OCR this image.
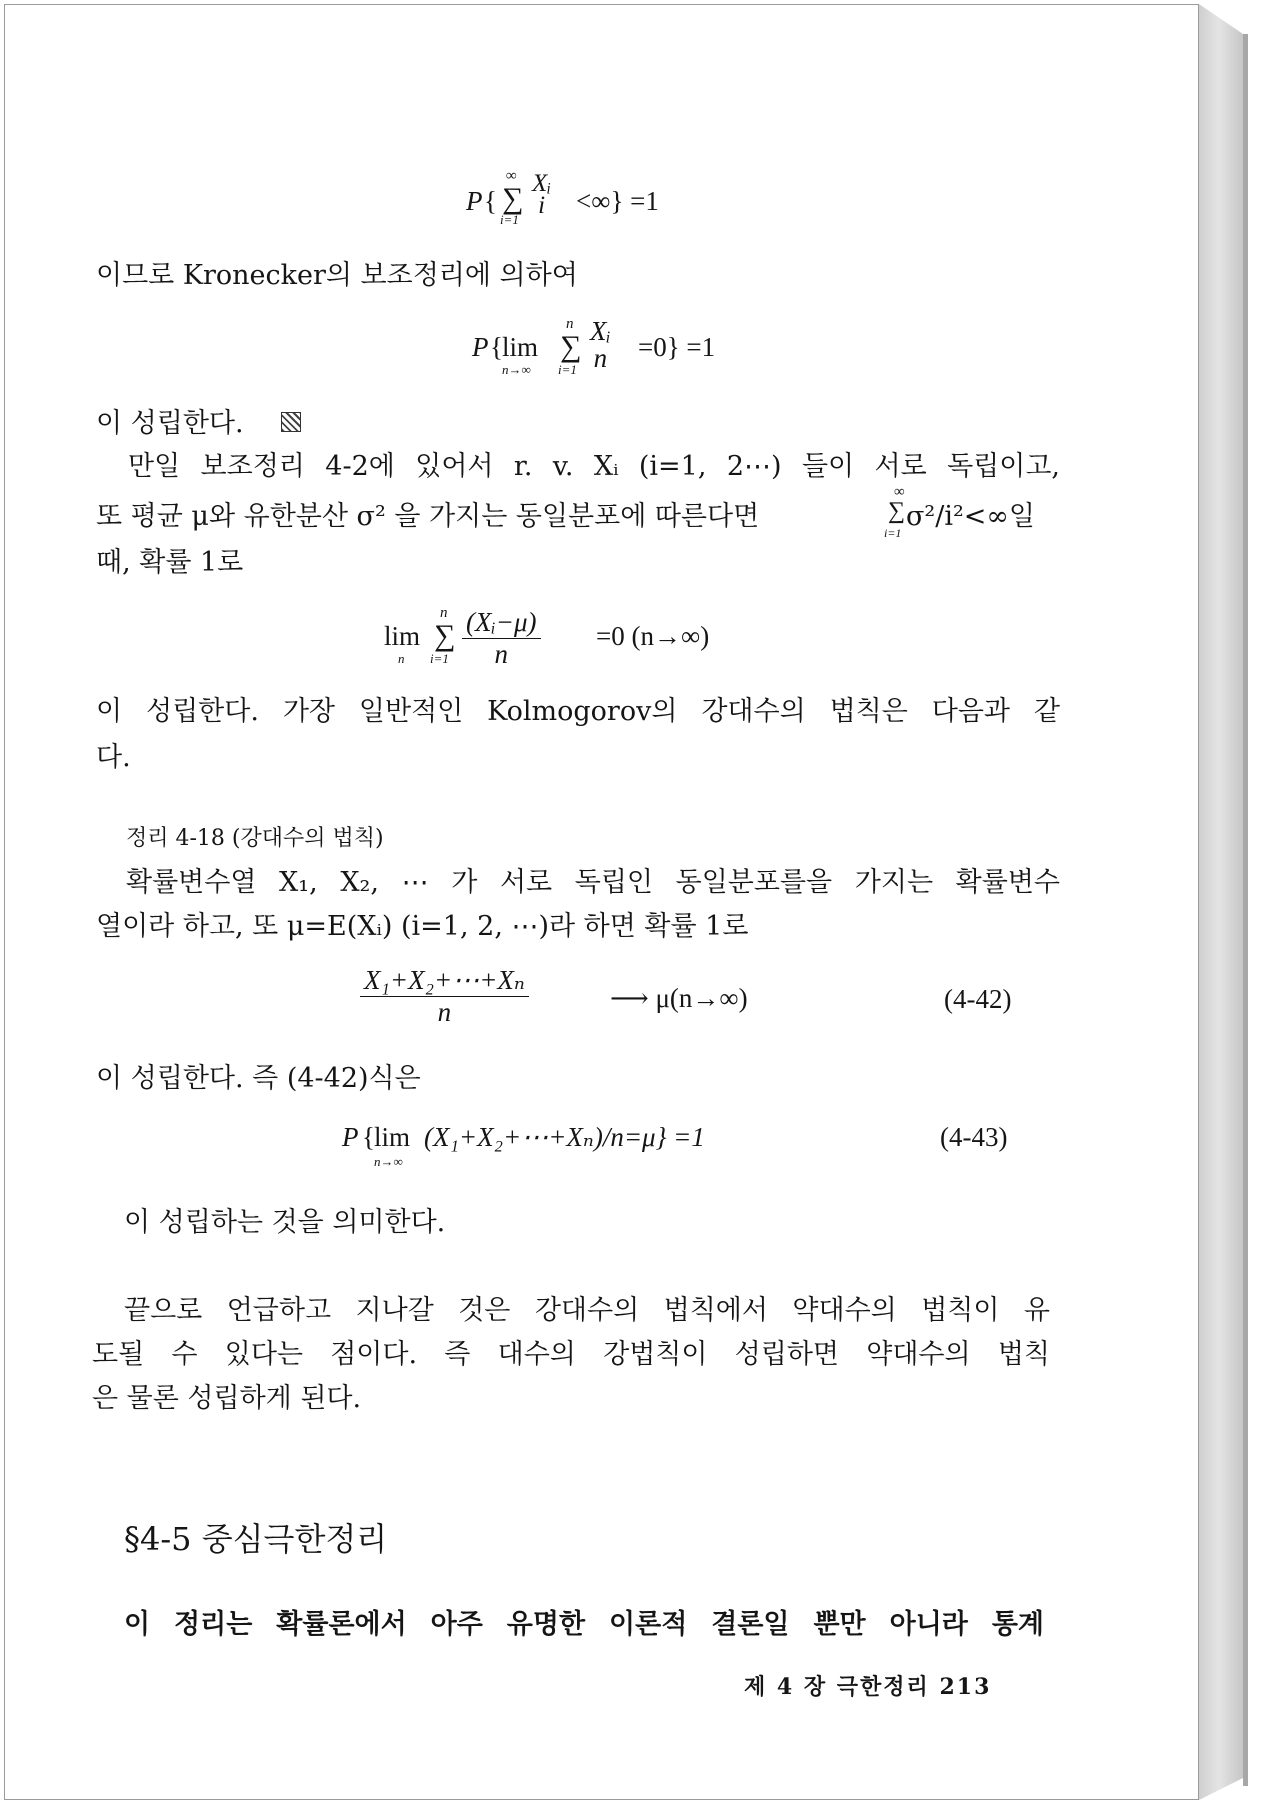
P {
∞
∑
i=1
Xᵢ
i	<∞} =1
이므로 Kronecker의 보조정리에 의하여
P { lim
n→∞
n
∑
i=1
Xᵢ
n =0} =1
이 성립한다.
만일 보조정리 4-2에 있어서 r. v. Xᵢ (i=1, 2⋯) 들이 서로 독립이고,
또 평균 μ와 유한분산 σ² 을 가지는 동일분포에 따른다면
∞
∑
i=1
σ²/i²<∞일
때, 확률 1로
lim
n
n
∑
$i=1 \frac{\text{(Xᵢ−μ)}}{n} =0$ (n→∞)
이 성립한다. 가장 일반적인 Kolmogorov의 강대수의 법칙은 다음과 같
다.
정리 4-18 (강대수의 법칙)
확률변수열 X₁, X₂, ⋯ 가 서로 독립인 동일분포를을 가지는 확률변수
열이라 하고, 또 μ=E(Xᵢ) (i=1, 2, ⋯)라 하면 확률 1로
$\frac{\text{X₁+X₂+⋯+Xₙ}}{n}$	⟶ μ(n→∞)	(4-42)
이 성립한다. 즉 (4-42)식은
P { lim
n→∞
(X₁+X₂+⋯+Xₙ)/n=μ} =1	(4-43)
이 성립하는 것을 의미한다.
끝으로 언급하고 지나갈 것은 강대수의 법칙에서 약대수의 법칙이 유
도될 수 있다는 점이다. 즉 대수의 강법칙이 성립하면 약대수의 법칙
은 물론 성립하게 된다.
§4-5 중심극한정리
이 정리는 확률론에서 아주 유명한 이론적 결론일 뿐만 아니라 통계
제 4 장 극한정리 213
